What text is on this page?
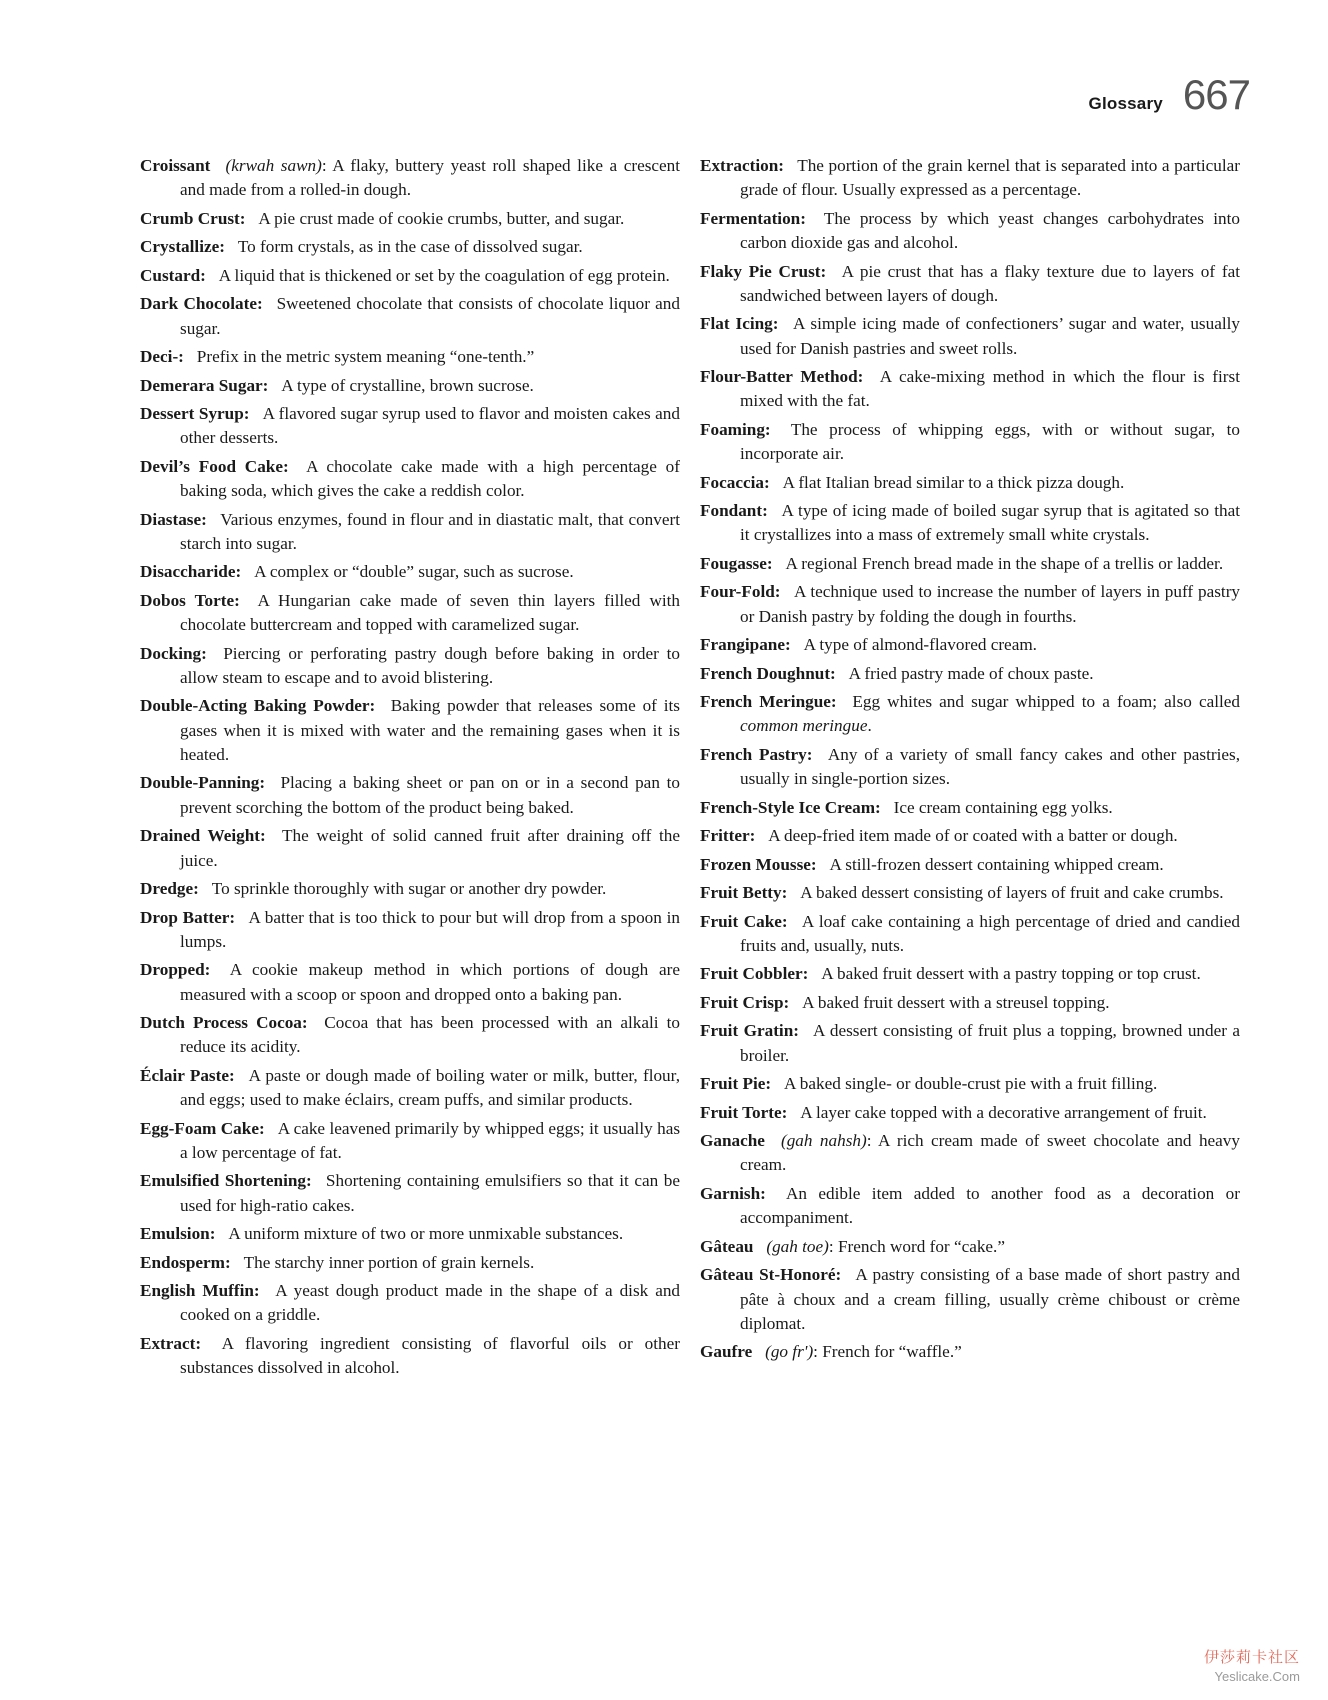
Glossary 667

Croissant  (krwah sawn): A flaky, buttery yeast roll shaped like a crescent and made from a rolled-in dough.

Crumb Crust:  A pie crust made of cookie crumbs, butter, and sugar.

Crystallize:  To form crystals, as in the case of dissolved sugar.

Custard:  A liquid that is thickened or set by the coagulation of egg protein.

Dark Chocolate:  Sweetened chocolate that consists of chocolate liquor and sugar.

Deci-:  Prefix in the metric system meaning “one-tenth.”

Demerara Sugar:  A type of crystalline, brown sucrose.

Dessert Syrup:  A flavored sugar syrup used to flavor and moisten cakes and other desserts.

Devil’s Food Cake:  A chocolate cake made with a high percentage of baking soda, which gives the cake a reddish color.

Diastase:  Various enzymes, found in flour and in diastatic malt, that convert starch into sugar.

Disaccharide:  A complex or “double” sugar, such as sucrose.

Dobos Torte:  A Hungarian cake made of seven thin layers filled with chocolate buttercream and topped with caramelized sugar.

Docking:  Piercing or perforating pastry dough before baking in order to allow steam to escape and to avoid blistering.

Double-Acting Baking Powder:  Baking powder that releases some of its gases when it is mixed with water and the remaining gases when it is heated.

Double-Panning:  Placing a baking sheet or pan on or in a second pan to prevent scorching the bottom of the product being baked.

Drained Weight:  The weight of solid canned fruit after draining off the juice.

Dredge:  To sprinkle thoroughly with sugar or another dry powder.

Drop Batter:  A batter that is too thick to pour but will drop from a spoon in lumps.

Dropped:  A cookie makeup method in which portions of dough are measured with a scoop or spoon and dropped onto a baking pan.

Dutch Process Cocoa:  Cocoa that has been processed with an alkali to reduce its acidity.

Éclair Paste:  A paste or dough made of boiling water or milk, butter, flour, and eggs; used to make éclairs, cream puffs, and similar products.

Egg-Foam Cake:  A cake leavened primarily by whipped eggs; it usually has a low percentage of fat.

Emulsified Shortening:  Shortening containing emulsifiers so that it can be used for high-ratio cakes.

Emulsion:  A uniform mixture of two or more unmixable substances.

Endosperm:  The starchy inner portion of grain kernels.

English Muffin:  A yeast dough product made in the shape of a disk and cooked on a griddle.

Extract:  A flavoring ingredient consisting of flavorful oils or other substances dissolved in alcohol.

Extraction:  The portion of the grain kernel that is separated into a particular grade of flour. Usually expressed as a percentage.

Fermentation:  The process by which yeast changes carbohydrates into carbon dioxide gas and alcohol.

Flaky Pie Crust:  A pie crust that has a flaky texture due to layers of fat sandwiched between layers of dough.

Flat Icing:  A simple icing made of confectioners’ sugar and water, usually used for Danish pastries and sweet rolls.

Flour-Batter Method:  A cake-mixing method in which the flour is first mixed with the fat.

Foaming:  The process of whipping eggs, with or without sugar, to incorporate air.

Focaccia:  A flat Italian bread similar to a thick pizza dough.

Fondant:  A type of icing made of boiled sugar syrup that is agitated so that it crystallizes into a mass of extremely small white crystals.

Fougasse:  A regional French bread made in the shape of a trellis or ladder.

Four-Fold:  A technique used to increase the number of layers in puff pastry or Danish pastry by folding the dough in fourths.

Frangipane:  A type of almond-flavored cream.

French Doughnut:  A fried pastry made of choux paste.

French Meringue:  Egg whites and sugar whipped to a foam; also called common meringue.

French Pastry:  Any of a variety of small fancy cakes and other pastries, usually in single-portion sizes.

French-Style Ice Cream:  Ice cream containing egg yolks.

Fritter:  A deep-fried item made of or coated with a batter or dough.

Frozen Mousse:  A still-frozen dessert containing whipped cream.

Fruit Betty:  A baked dessert consisting of layers of fruit and cake crumbs.

Fruit Cake:  A loaf cake containing a high percentage of dried and candied fruits and, usually, nuts.

Fruit Cobbler:  A baked fruit dessert with a pastry topping or top crust.

Fruit Crisp:  A baked fruit dessert with a streusel topping.

Fruit Gratin:  A dessert consisting of fruit plus a topping, browned under a broiler.

Fruit Pie:  A baked single- or double-crust pie with a fruit filling.

Fruit Torte:  A layer cake topped with a decorative arrangement of fruit.

Ganache  (gah nahsh): A rich cream made of sweet chocolate and heavy cream.

Garnish:  An edible item added to another food as a decoration or accompaniment.

Gâteau  (gah toe): French word for “cake.”

Gâteau St-Honoré:  A pastry consisting of a base made of short pastry and pâte à choux and a cream filling, usually crème chiboust or crème diplomat.

Gaufre  (go fr'): French for “waffle.”

伊莎莉卡社区
Yeslicake.Com
